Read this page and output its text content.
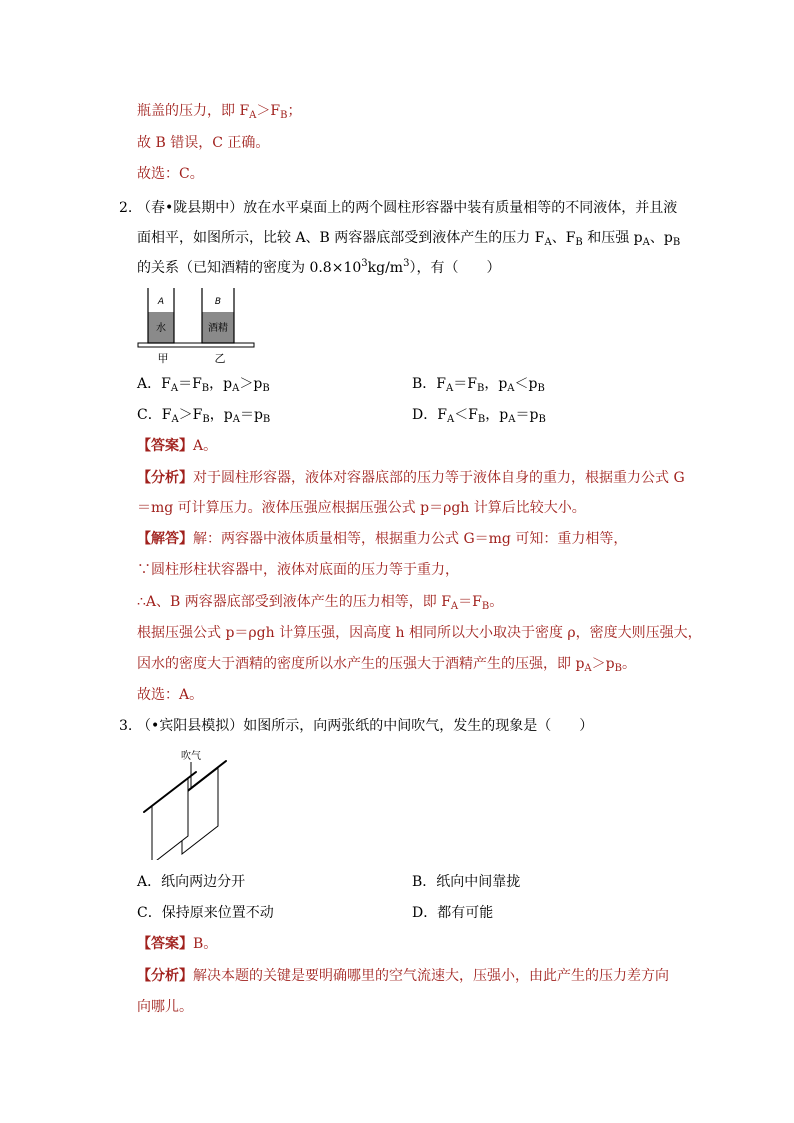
瓶盖的压力，即 $F_A>F_B$；
故 B 错误，C 正确。
故选：C。
2. （春•陇县期中）放在水平桌面上的两个圆柱形容器中装有质量相等的不同液体，并且液
面相平，如图所示，比较 A、B 两容器底部受到液体产生的压力 $F_A$、$F_B$ 和压强 $p_A$、$p_B$
的关系（已知酒精的密度为 $0.8\times 10^3kg/m^3$），有（　　）
A
水
B
酒精
甲	乙
A．$F_A=F_B$，$p_A>p_B$	B．$F_A=F_B$，$p_A<p_B$
C．$F_A>F_B$，$p_A=p_B$	D．$F_A<F_B$，$p_A=p_B$
【答案】A。
【分析】对于圆柱形容器，液体对容器底部的压力等于液体自身的重力，根据重力公式 G
＝mg 可计算压力。液体压强应根据压强公式 p＝ρgh 计算后比较大小。
【解答】解：两容器中液体质量相等，根据重力公式 G＝mg 可知：重力相等，
∵圆柱形柱状容器中，液体对底面的压力等于重力，
∴A、B 两容器底部受到液体产生的压力相等，即 $F_A=F_B$。
根据压强公式 p＝ρgh 计算压强，因高度 h 相同所以大小取决于密度 ρ，密度大则压强大，
因水的密度大于酒精的密度所以水产生的压强大于酒精产生的压强，即 $p_A>p_B$。
故选：A。
3. （•宾阳县模拟）如图所示，向两张纸的中间吹气，发生的现象是（　　）
吹气
A．纸向两边分开	B．纸向中间靠拢
C．保持原来位置不动	D．都有可能
【答案】B。
【分析】解决本题的关键是要明确哪里的空气流速大，压强小，由此产生的压力差方向
向哪儿。
